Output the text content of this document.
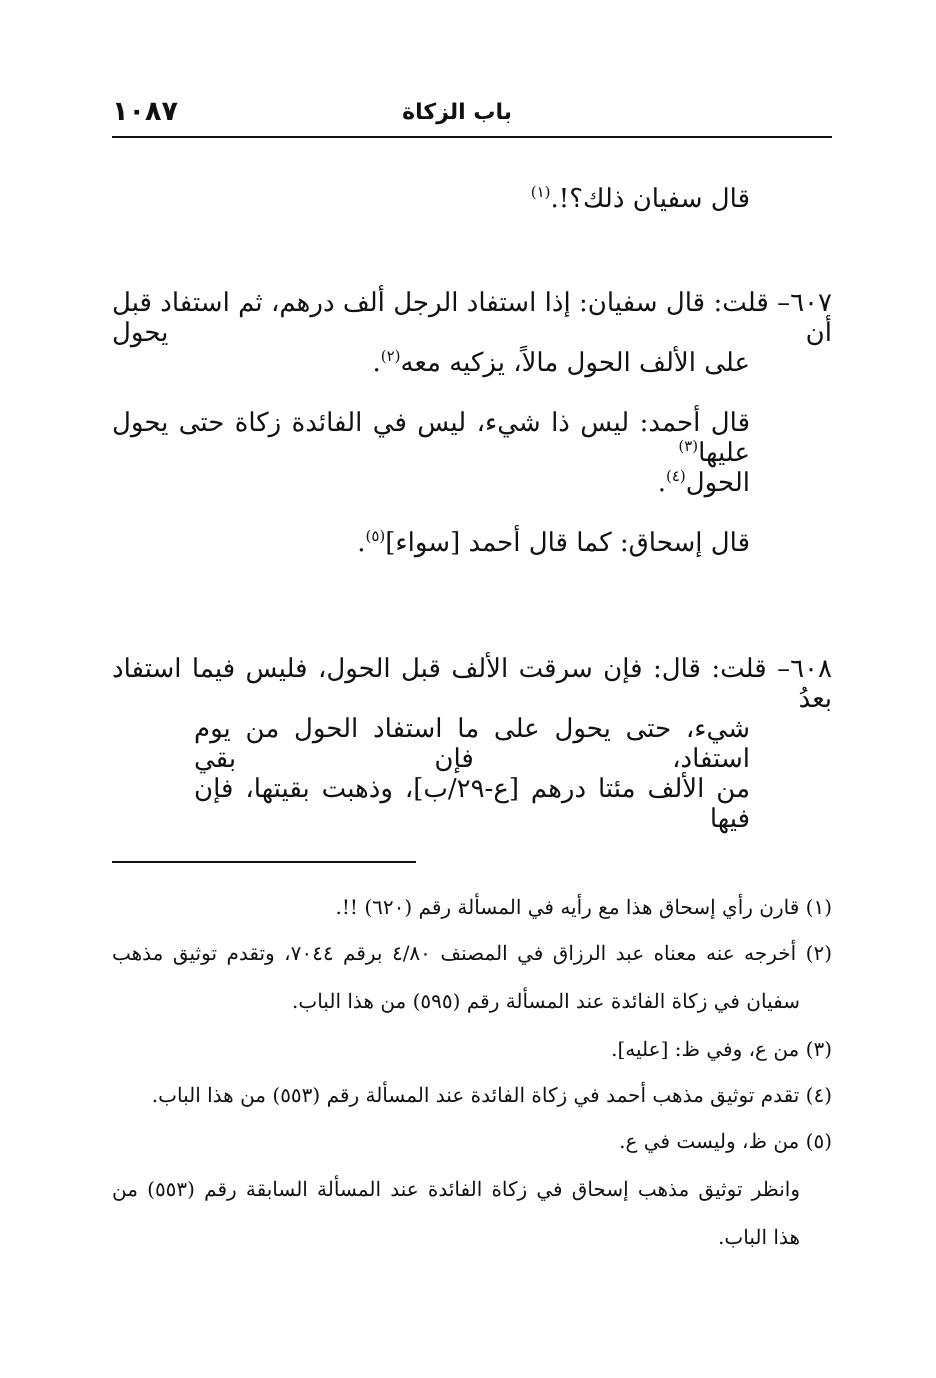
باب الزكاة
١٠٨٧
قال سفيان ذلك؟!.$^{(١)}$
٦٠٧– قلت: قال سفيان: إذا استفاد الرجل ألف درهم، ثم استفاد قبل أن يحول
على الألف الحول مالاً، يزكيه معه$^{(٢)}$.
قال أحمد: ليس ذا شيء، ليس في الفائدة زكاة حتى يحول عليها$^{(٣)}$
الحول$^{(٤)}$.
قال إسحاق: كما قال أحمد [سواء]$^{(٥)}$.
٦٠٨– قلت: قال: فإن سرقت الألف قبل الحول، فليس فيما استفاد بعدُ
شيء، حتى يحول على ما استفاد الحول من يوم استفاد، فإن بقي
من الألف مئتا درهم [ع-٢٩/ب]، وذهبت بقيتها، فإن فيها
(١) قارن رأي إسحاق هذا مع رأيه في المسألة رقم (٦٢٠) !!.
(٢) أخرجه عنه معناه عبد الرزاق في المصنف ٤/٨٠ برقم ٧٠٤٤، وتقدم توثيق مذهب
سفيان في زكاة الفائدة عند المسألة رقم (٥٩٥) من هذا الباب.
(٣) من ع، وفي ظ: [عليه].
(٤) تقدم توثيق مذهب أحمد في زكاة الفائدة عند المسألة رقم (٥٥٣) من هذا الباب.
(٥) من ظ، وليست في ع.
وانظر توثيق مذهب إسحاق في زكاة الفائدة عند المسألة السابقة رقم (٥٥٣) من
هذا الباب.
